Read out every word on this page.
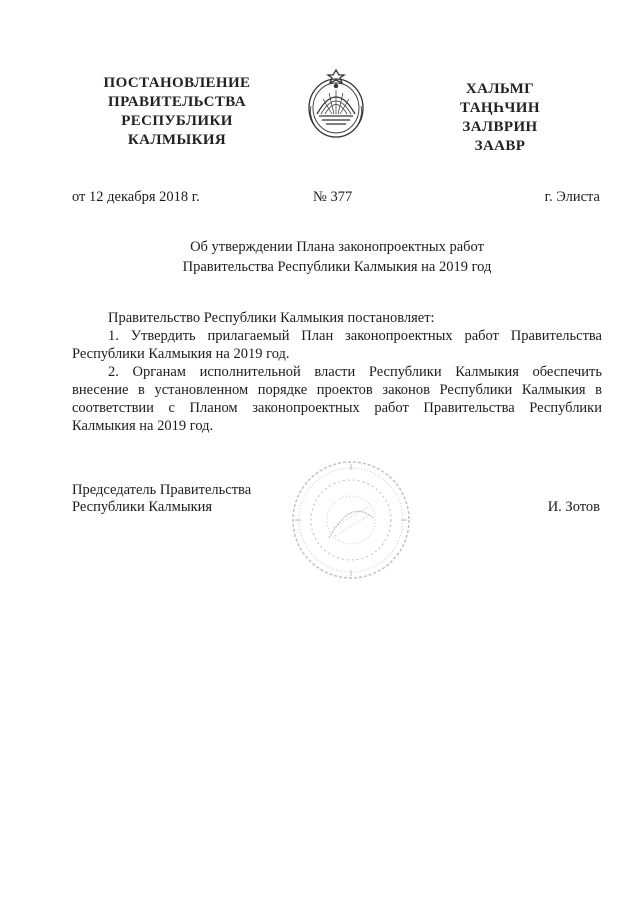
ПОСТАНОВЛЕНИЕ
ПРАВИТЕЛЬСТВА
РЕСПУБЛИКИ
КАЛМЫКИЯ
ХАЛЬМГ
ТАҢҺЧИН
ЗАЛВРИН
ЗААВР
от 12 декабря 2018 г.	№ 377	г. Элиста
Об утверждении Плана законопроектных работ
Правительства Республики Калмыкия на 2019 год
Правительство Республики Калмыкия постановляет:
1. Утвердить прилагаемый План законопроектных работ Правительства
Республики Калмыкия на 2019 год.
2. Органам исполнительной власти Республики Калмыкия обеспечить
внесение в установленном порядке проектов законов Республики Калмыкия в
соответствии с Планом законопроектных работ Правительства Республики
Калмыкия на 2019 год.
Председатель Правительства
Республики Калмыкия	И. Зотов
